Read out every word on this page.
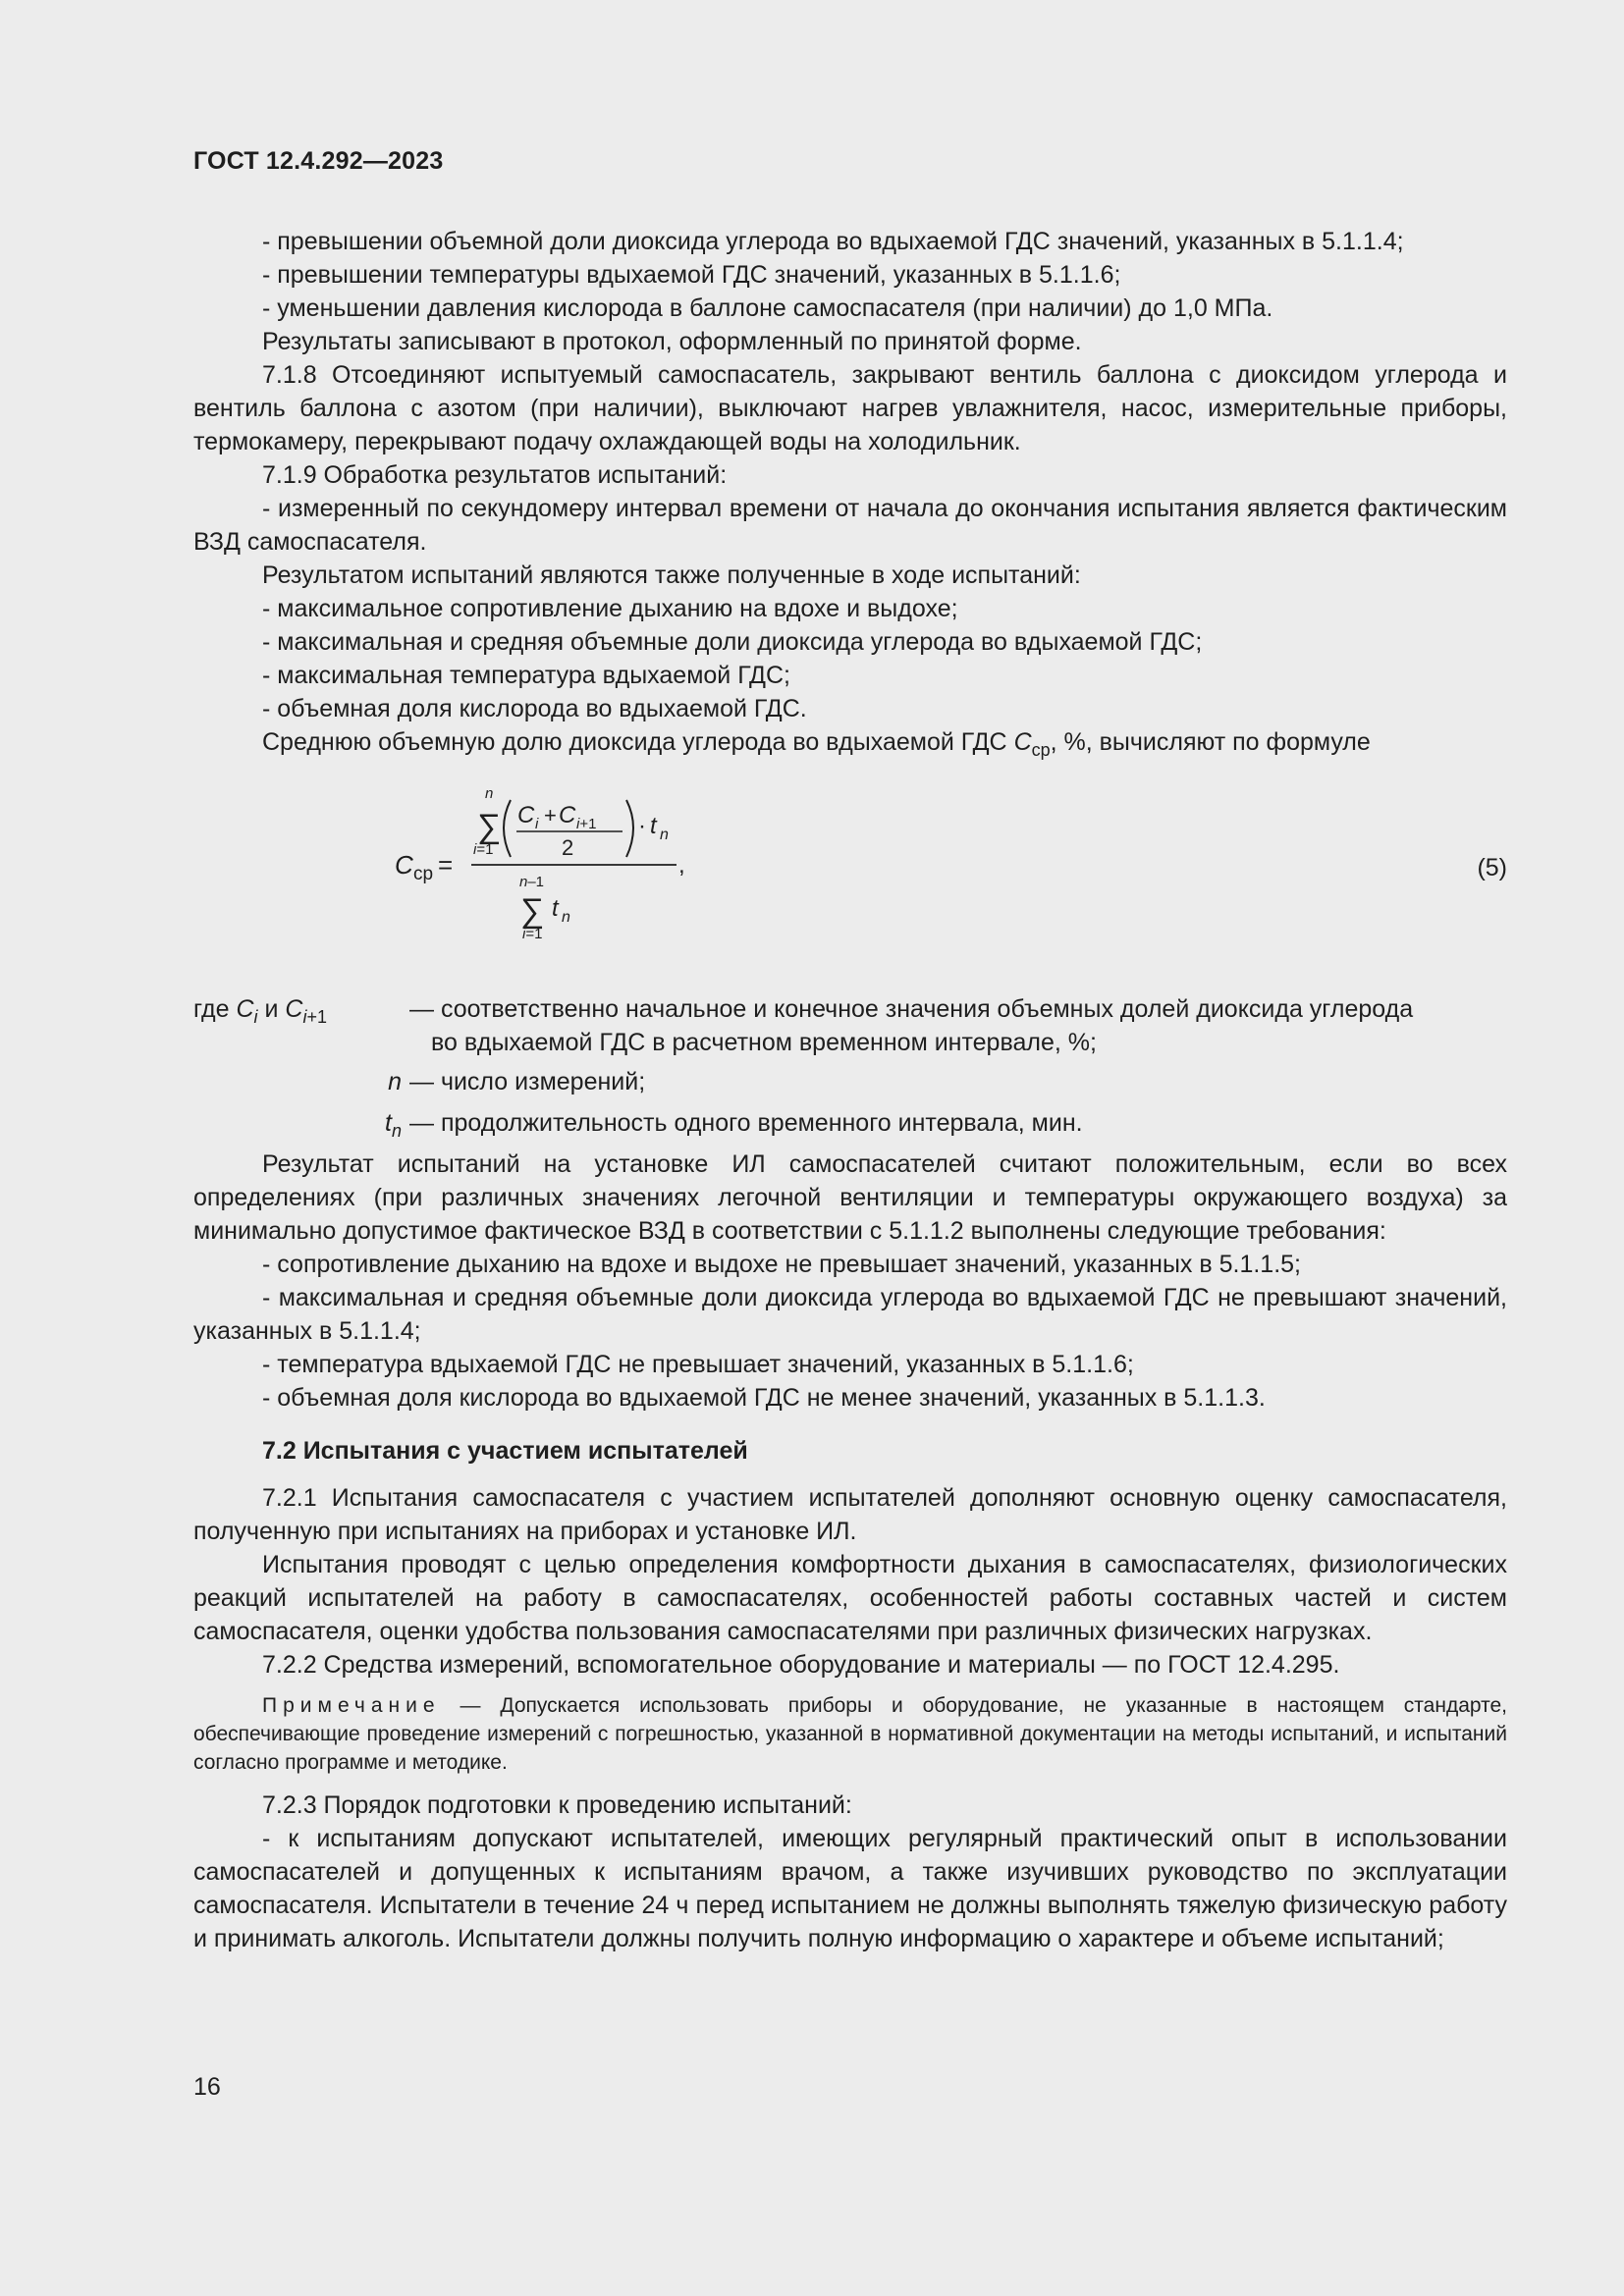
ГОСТ 12.4.292—2023

- превышении объемной доли диоксида углерода во вдыхаемой ГДС значений, указанных в 5.1.1.4;

- превышении температуры вдыхаемой ГДС значений, указанных в 5.1.1.6;

- уменьшении давления кислорода в баллоне самоспасателя (при наличии) до 1,0 МПа.

Результаты записывают в протокол, оформленный по принятой форме.

7.1.8 Отсоединяют испытуемый самоспасатель, закрывают вентиль баллона с диоксидом углерода и вентиль баллона с азотом (при наличии), выключают нагрев увлажнителя, насос, измерительные приборы, термокамеру, перекрывают подачу охлаждающей воды на холодильник.

7.1.9 Обработка результатов испытаний:

- измеренный по секундомеру интервал времени от начала до окончания испытания является фактическим ВЗД самоспасателя.

Результатом испытаний являются также полученные в ходе испытаний:

- максимальное сопротивление дыханию на вдохе и выдохе;

- максимальная и средняя объемные доли диоксида углерода во вдыхаемой ГДС;

- максимальная температура вдыхаемой ГДС;

- объемная доля кислорода во вдыхаемой ГДС.

Среднюю объемную долю диоксида углерода во вдыхаемой ГДС $C_{ср}$, %, вычисляют по формуле

C ср =
n
∑
i=1
C i + C i+1
2
· t n
,
n–1
∑
i=1
t n
(5)
где $C_i$ и $C_{i+1}$	— соответственно начальное и конечное значения объемных долей диоксида углерода
во вдыхаемой ГДС в расчетном временном интервале, %;
n — число измерений;
$t_n$ — продолжительность одного временного интервала, мин.

Результат испытаний на установке ИЛ самоспасателей считают положительным, если во всех определениях (при различных значениях легочной вентиляции и температуры окружающего воздуха) за минимально допустимое фактическое ВЗД в соответствии с 5.1.1.2 выполнены следующие требования:

- сопротивление дыханию на вдохе и выдохе не превышает значений, указанных в 5.1.1.5;

- максимальная и средняя объемные доли диоксида углерода во вдыхаемой ГДС не превышают значений, указанных в 5.1.1.4;

- температура вдыхаемой ГДС не превышает значений, указанных в 5.1.1.6;

- объемная доля кислорода во вдыхаемой ГДС не менее значений, указанных в 5.1.1.3.

7.2 Испытания с участием испытателей

7.2.1 Испытания самоспасателя с участием испытателей дополняют основную оценку самоспасателя, полученную при испытаниях на приборах и установке ИЛ.

Испытания проводят с целью определения комфортности дыхания в самоспасателях, физиологических реакций испытателей на работу в самоспасателях, особенностей работы составных частей и систем самоспасателя, оценки удобства пользования самоспасателями при различных физических нагрузках.

7.2.2 Средства измерений, вспомогательное оборудование и материалы — по ГОСТ 12.4.295.

Примечание — Допускается использовать приборы и оборудование, не указанные в настоящем стандарте, обеспечивающие проведение измерений с погрешностью, указанной в нормативной документации на методы испытаний, и испытаний согласно программе и методике.

7.2.3 Порядок подготовки к проведению испытаний:

- к испытаниям допускают испытателей, имеющих регулярный практический опыт в использовании самоспасателей и допущенных к испытаниям врачом, а также изучивших руководство по эксплуатации самоспасателя. Испытатели в течение 24 ч перед испытанием не должны выполнять тяжелую физическую работу и принимать алкоголь. Испытатели должны получить полную информацию о характере и объеме испытаний;

16
